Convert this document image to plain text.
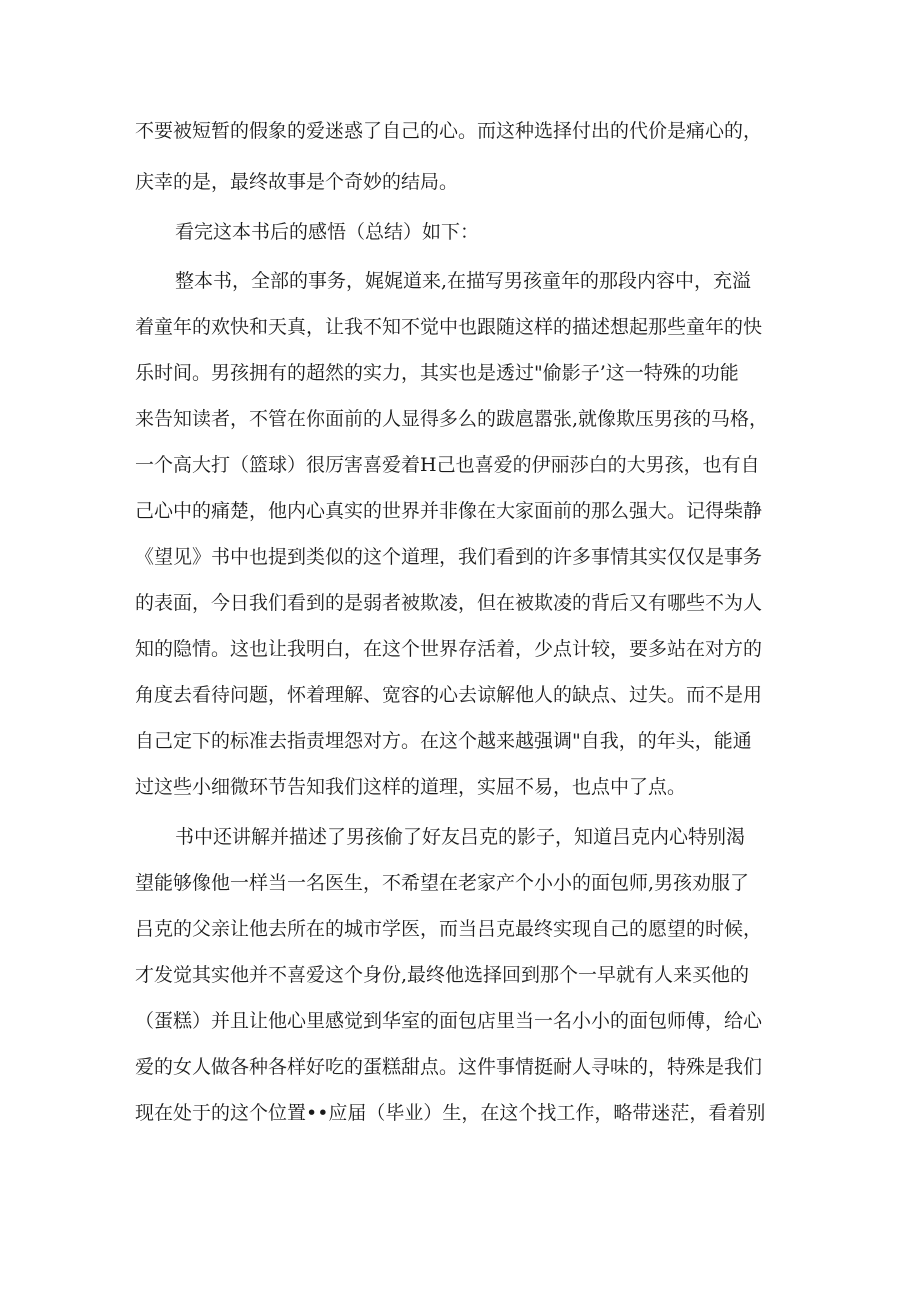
不要被短暂的假象的爱迷惑了自己的心。而这种选择付出的代价是痛心的，
庆幸的是，最终故事是个奇妙的结局。
看完这本书后的感悟（总结）如下：
整本书，全部的事务，娓娓道来,在描写男孩童年的那段内容中，充溢
着童年的欢快和天真，让我不知不觉中也跟随这样的描述想起那些童年的快
乐时间。男孩拥有的超然的实力，其实也是透过"偷影子’这一特殊的功能
来告知读者，不管在你面前的人显得多么的跋扈嚣张,就像欺压男孩的马格，
一个高大打（篮球）很厉害喜爱着H己也喜爱的伊丽莎白的大男孩，也有自
己心中的痛楚，他内心真实的世界并非像在大家面前的那么强大。记得柴静
《望见》书中也提到类似的这个道理，我们看到的许多事情其实仅仅是事务
的表面，今日我们看到的是弱者被欺凌，但在被欺凌的背后又有哪些不为人
知的隐情。这也让我明白，在这个世界存活着，少点计较，要多站在对方的
角度去看待问题，怀着理解、宽容的心去谅解他人的缺点、过失。而不是用
自己定下的标准去指责埋怨对方。在这个越来越强调"自我，的年头，能通
过这些小细微环节告知我们这样的道理，实屈不易，也点中了点。
书中还讲解并描述了男孩偷了好友吕克的影子，知道吕克内心特别渴
望能够像他一样当一名医生，不希望在老家产个小小的面包师,男孩劝服了
吕克的父亲让他去所在的城市学医，而当吕克最终实现自己的愿望的时候，
才发觉其实他并不喜爱这个身份,最终他选择回到那个一早就有人来买他的
（蛋糕）并且让他心里感觉到华室的面包店里当一名小小的面包师傅，给心
爱的女人做各种各样好吃的蛋糕甜点。这件事情挺耐人寻味的，特殊是我们
现在处于的这个位置••应届（毕业）生，在这个找工作，略带迷茫，看着别
